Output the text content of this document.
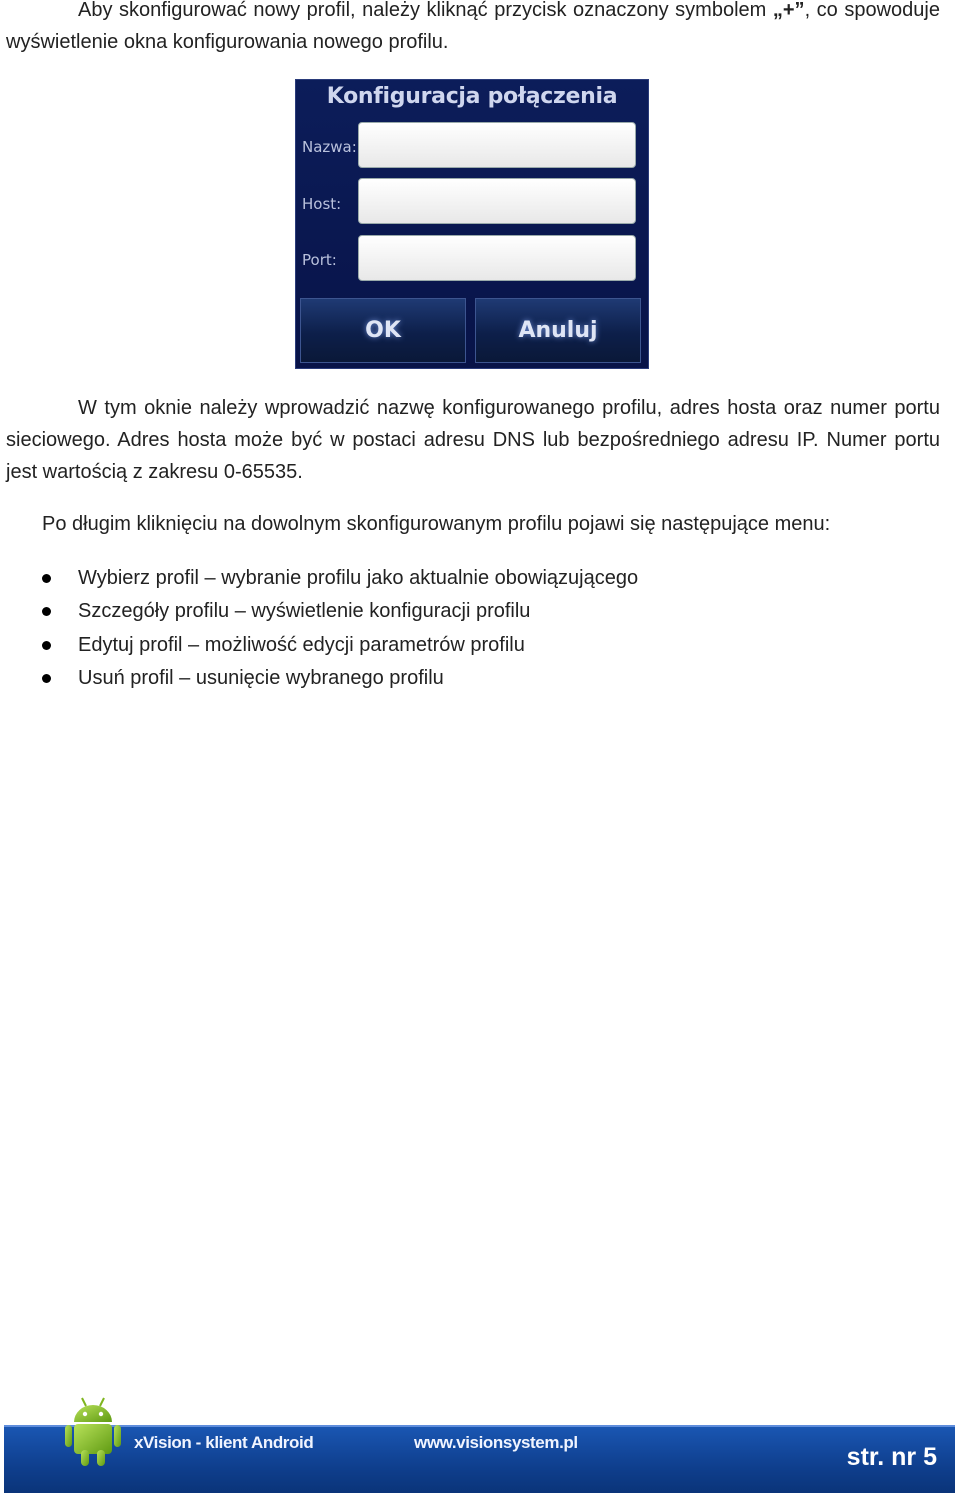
Aby skonfigurować nowy profil, należy kliknąć przycisk oznaczony symbolem „+”, co spowoduje wyświetlenie okna konfigurowania nowego profilu.
Konfiguracja połączenia
Nazwa:
Host:
Port:
OK	Anuluj
W tym oknie należy wprowadzić nazwę konfigurowanego profilu, adres hosta oraz numer portu sieciowego. Adres hosta może być w postaci adresu DNS lub bezpośredniego adresu IP. Numer portu jest wartością z zakresu 0-65535.
Po długim kliknięciu na dowolnym skonfigurowanym profilu pojawi się następujące menu:
Wybierz profil – wybranie profilu jako aktualnie obowiązującego
Szczegóły profilu – wyświetlenie konfiguracji profilu
Edytuj profil – możliwość edycji parametrów profilu
Usuń profil – usunięcie wybranego profilu
xVision - klient Android	www.visionsystem.pl
str. nr 5
